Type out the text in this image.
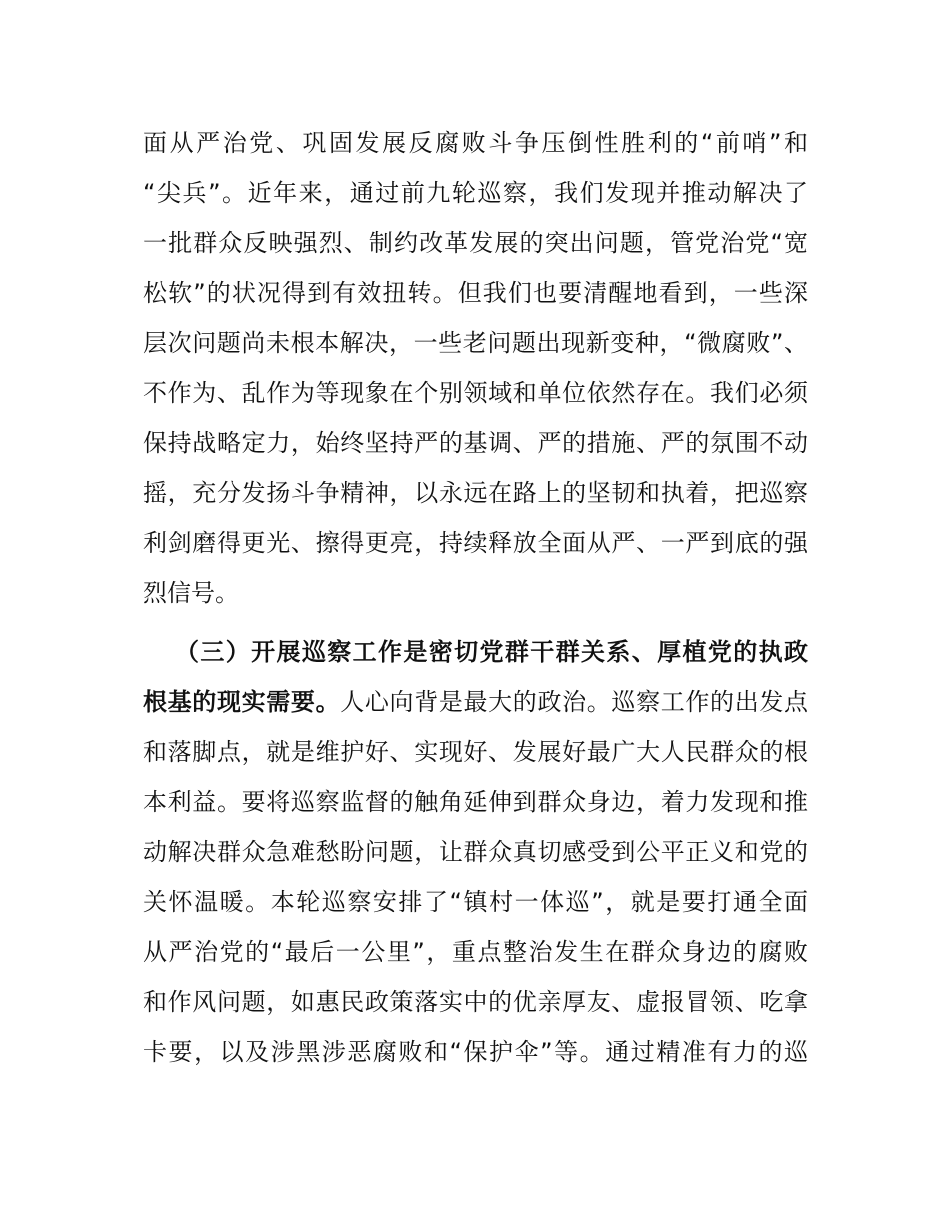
面从严治党、巩固发展反腐败斗争压倒性胜利的“前哨”和
“尖兵”。近年来，通过前九轮巡察，我们发现并推动解决了
一批群众反映强烈、制约改革发展的突出问题，管党治党“宽
松软”的状况得到有效扭转。但我们也要清醒地看到，一些深
层次问题尚未根本解决，一些老问题出现新变种，“微腐败”、
不作为、乱作为等现象在个别领域和单位依然存在。我们必须
保持战略定力，始终坚持严的基调、严的措施、严的氛围不动
摇，充分发扬斗争精神，以永远在路上的坚韧和执着，把巡察
利剑磨得更光、擦得更亮，持续释放全面从严、一严到底的强
烈信号。
（三）开展巡察工作是密切党群干群关系、厚植党的执政
根基的现实需要。人心向背是最大的政治。巡察工作的出发点
和落脚点，就是维护好、实现好、发展好最广大人民群众的根
本利益。要将巡察监督的触角延伸到群众身边，着力发现和推
动解决群众急难愁盼问题，让群众真切感受到公平正义和党的
关怀温暖。本轮巡察安排了“镇村一体巡”，就是要打通全面
从严治党的“最后一公里”，重点整治发生在群众身边的腐败
和作风问题，如惠民政策落实中的优亲厚友、虚报冒领、吃拿
卡要，以及涉黑涉恶腐败和“保护伞”等。通过精准有力的巡
